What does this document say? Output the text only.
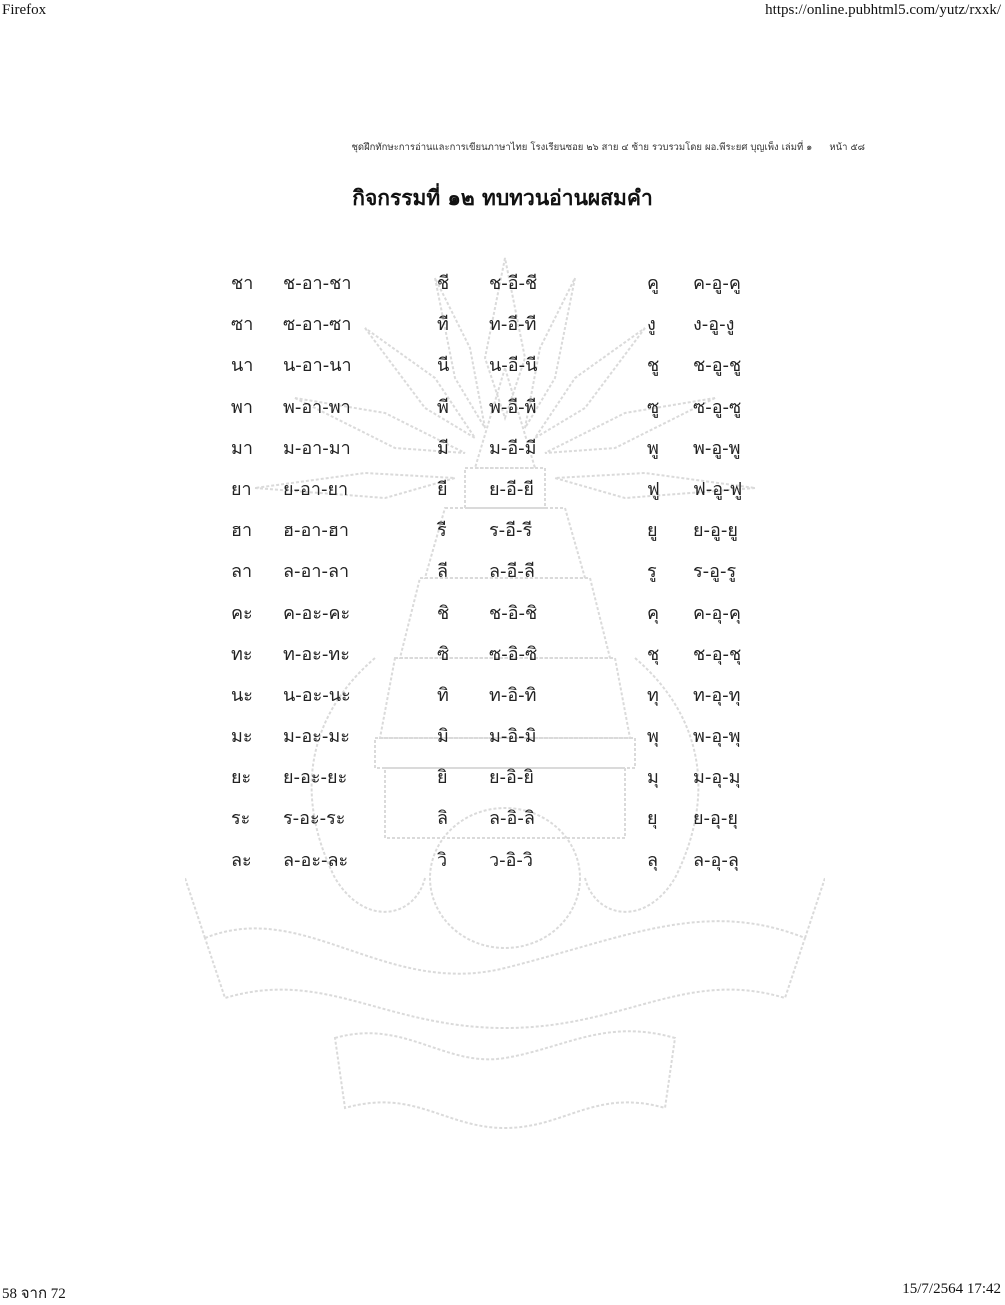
Firefox	https://online.pubhtml5.com/yutz/rxxk/
ชุดฝึกทักษะการอ่านและการเขียนภาษาไทย โรงเรียนซอย ๒๖ สาย ๔ ซ้าย รวบรวมโดย ผอ.พีระยศ บุญเพ็ง เล่มที่ ๑ หน้า ๕๘
กิจกรรมที่ ๑๒ ทบทวนอ่านผสมคำ
ชา ช-อา-ชา	ชี ช-อี-ชี	คู ค-อู-คู
ซา ซ-อา-ซา	ที ท-อี-ที	งู ง-อู-งู
นา น-อา-นา	นี น-อี-นี	ชู ช-อู-ชู
พา พ-อา-พา	พี พ-อี-พี	ซู ซ-อู-ซู
มา ม-อา-มา	มี ม-อี-มี	พู พ-อู-พู
ยา ย-อา-ยา	ยี ย-อี-ยี	ฟู ฟ-อู-ฟู
ฮา ฮ-อา-ฮา	รี ร-อี-รี	ยู ย-อู-ยู
ลา ล-อา-ลา	ลี ล-อี-ลี	รู ร-อู-รู
คะ ค-อะ-คะ	ชิ ช-อิ-ชิ	คุ ค-อุ-คุ
ทะ ท-อะ-ทะ	ซิ ซ-อิ-ซิ	ชุ ช-อุ-ชุ
นะ น-อะ-นะ	ทิ ท-อิ-ทิ	ทุ ท-อุ-ทุ
มะ ม-อะ-มะ	มิ ม-อิ-มิ	พุ พ-อุ-พุ
ยะ ย-อะ-ยะ	ยิ ย-อิ-ยิ	มุ ม-อุ-มุ
ระ ร-อะ-ระ	ลิ ล-อิ-ลิ	ยุ ย-อุ-ยุ
ละ ล-อะ-ละ	วิ ว-อิ-วิ	ลุ ล-อุ-ลุ
58 จาก 72	15/7/2564 17:42
